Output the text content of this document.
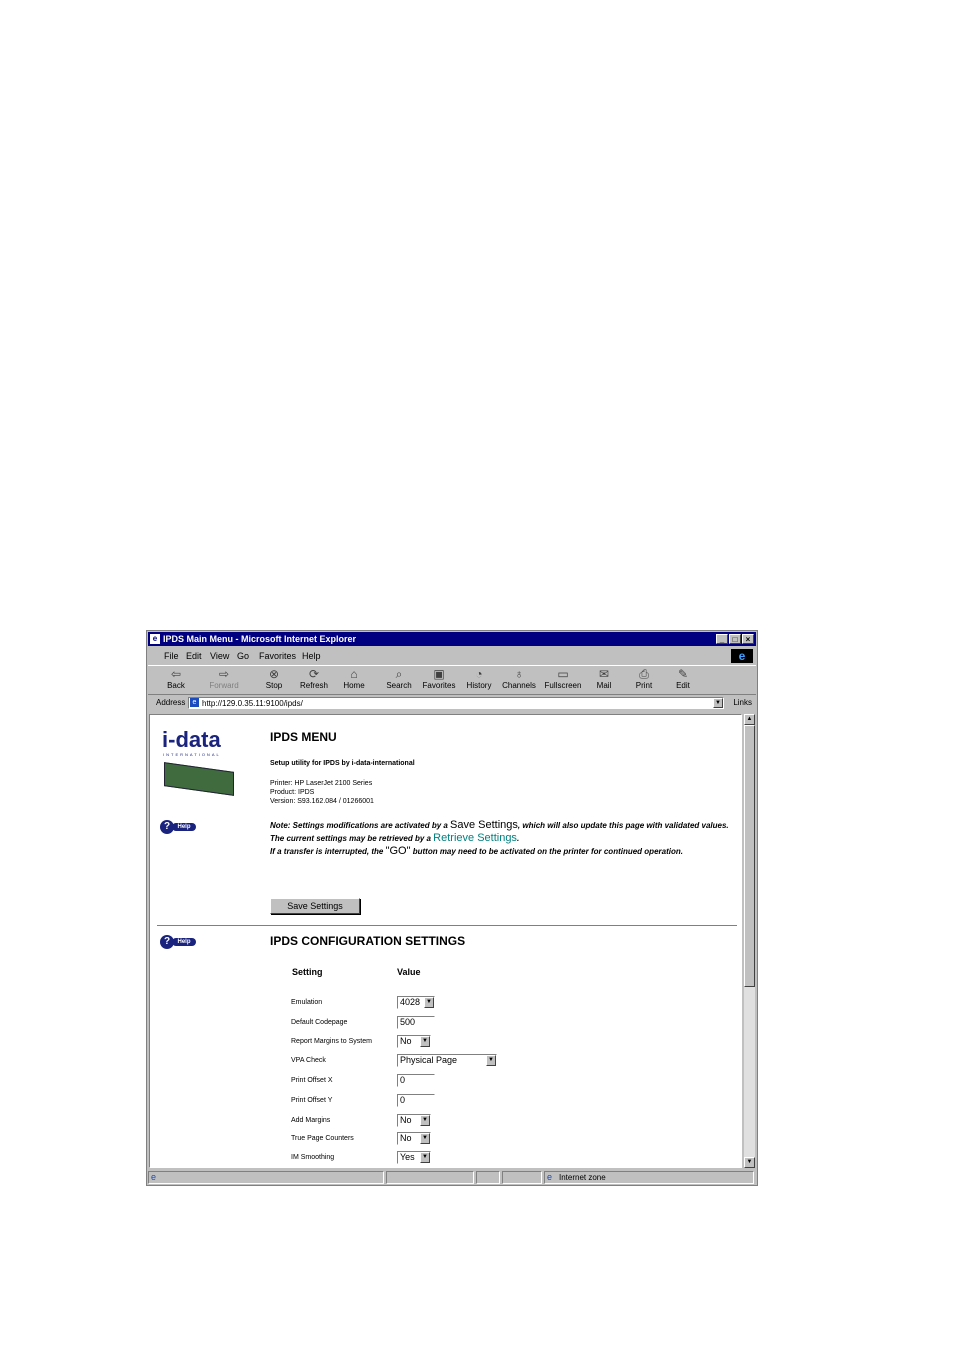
e IPDS Main Menu - Microsoft Internet Explorer	_	□	×
File Edit View Go Favorites Help	e
⇦
Back
⇨
Forward
⊗
Stop
⟳
Refresh
⌂
Home
⌕
Search
▣
Favorites
◔
History
♁
Channels
▭
Fullscreen
✉
Mail
⎙
Print
✎
Edit
Address	e http://129.0.35.11:9100/ipds/	▼ Links
i-data
INTERNATIONAL
?	Help
IPDS MENU
Setup utility for IPDS by i-data-international
Printer: HP LaserJet 2100 Series
Product: IPDS
Version: S93.162.084 / 01266001
Note: Settings modifications are activated by a Save Settings, which will also update this page with validated values.
The current settings may be retrieved by a Retrieve Settings.
If a transfer is interrupted, the "GO" button may need to be activated on the printer for continued operation.
Save Settings
?	Help	IPDS CONFIGURATION SETTINGS
Setting	Value
Emulation	4028 ▼
Default Codepage	500
Report Margins to System	No	▼
VPA Check	Physical Page	▼
Print Offset X	0
Print Offset Y	0
Add Margins	No	▼
True Page Counters	No	▼
IM Smoothing	Yes	▼
▲
▼
e	e Internet zone
